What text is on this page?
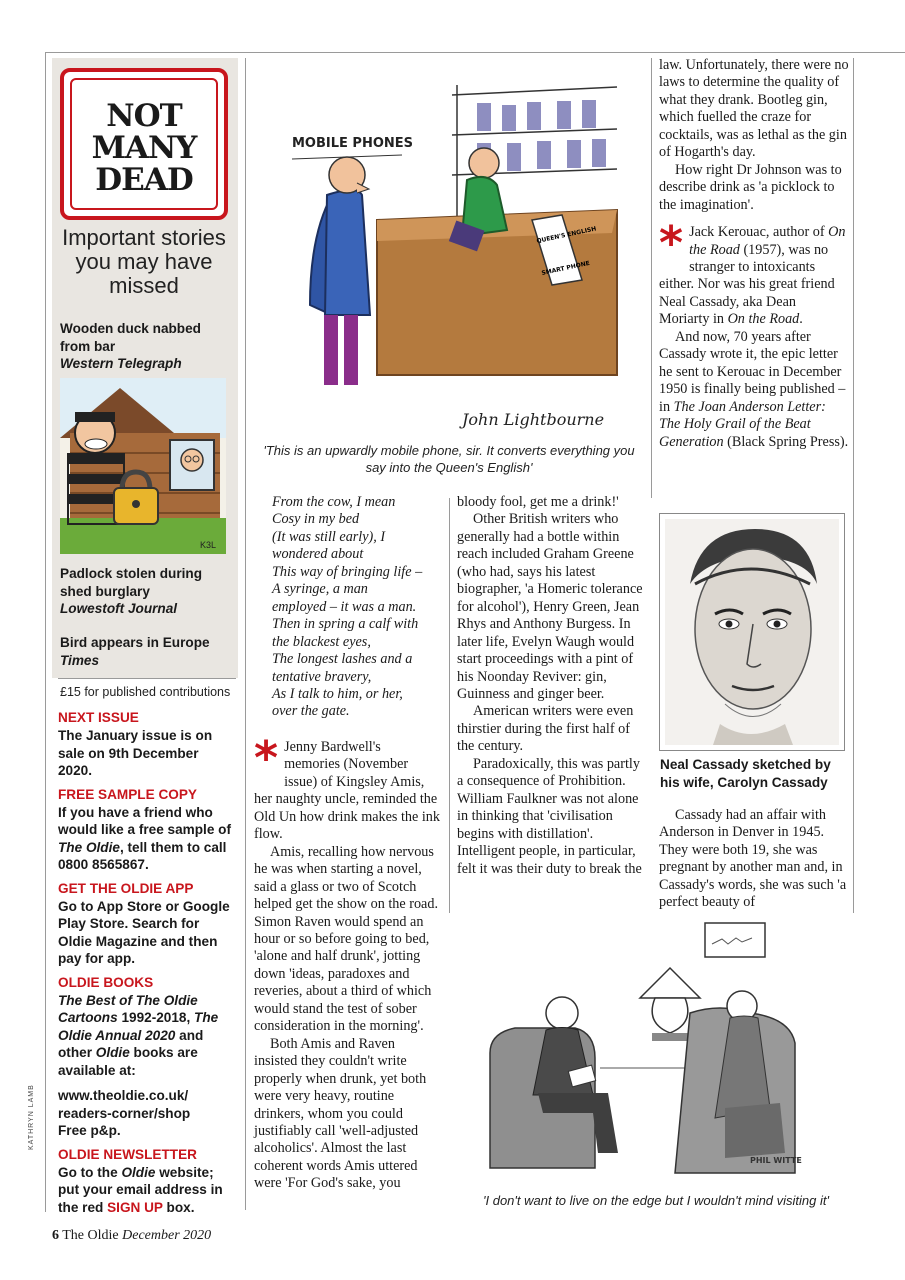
NOT MANY DEAD
Important stories you may have missed
Wooden duck nabbed from bar
Western Telegraph
K3L
Padlock stolen during shed burglary
Lowestoft Journal
Bird appears in Europe
Times
£15 for published contributions
NEXT ISSUE
The January issue is on sale on 9th December 2020.
FREE SAMPLE COPY
If you have a friend who would like a free sample of The Oldie, tell them to call 0800 8565867.
GET THE OLDIE APP
Go to App Store or Google Play Store. Search for Oldie Magazine and then pay for app.
OLDIE BOOKS
The Best of The Oldie Cartoons 1992-2018, The Oldie Annual 2020 and other Oldie books are available at:
www.theoldie.co.uk/ readers-corner/shop
Free p&p.
OLDIE NEWSLETTER
Go to the Oldie website; put your email address in the red SIGN UP box.
KATHRYN LAMB
MOBILE PHONES
QUEEN'S ENGLISH
SMART PHONE
John Lightbourne
'This is an upwardly mobile phone, sir. It converts everything you say into the Queen's English'

From the cow, I mean

Cosy in my bed

(It was still early), I

wondered about

This way of bringing life –

A syringe, a man

employed – it was a man.

Then in spring a calf with

the blackest eyes,

The longest lashes and a

tentative bravery,

As I talk to him, or her,

over the gate.

* Jenny Bardwell's memories (November issue) of Kingsley Amis, her naughty uncle, reminded the Old Un how drink makes the ink flow.

Amis, recalling how nervous he was when starting a novel, said a glass or two of Scotch helped get the show on the road. Simon Raven would spend an hour or so before going to bed, 'alone and half drunk', jotting down 'ideas, paradoxes and reveries, about a third of which would stand the test of sober consideration in the morning'.

Both Amis and Raven insisted they couldn't write properly when drunk, yet both were very heavy, routine drinkers, whom you could justifiably call 'well-adjusted alcoholics'. Almost the last coherent words Amis uttered were 'For God's sake, you

bloody fool, get me a drink!'

Other British writers who generally had a bottle within reach included Graham Greene (who had, says his latest biographer, 'a Homeric tolerance for alcohol'), Henry Green, Jean Rhys and Anthony Burgess. In later life, Evelyn Waugh would start proceedings with a pint of his Noonday Reviver: gin, Guinness and ginger beer.

American writers were even thirstier during the first half of the century.

Paradoxically, this was partly a consequence of Prohibition. William Faulkner was not alone in thinking that 'civilisation begins with distillation'. Intelligent people, in particular, felt it was their duty to break the

law. Unfortunately, there were no laws to determine the quality of what they drank. Bootleg gin, which fuelled the craze for cocktails, was as lethal as the gin of Hogarth's day.

How right Dr Johnson was to describe drink as 'a picklock to the imagination'.

* Jack Kerouac, author of On the Road (1957), was no stranger to intoxicants either. Nor was his great friend Neal Cassady, aka Dean Moriarty in On the Road.

And now, 70 years after Cassady wrote it, the epic letter he sent to Kerouac in December 1950 is finally being published – in The Joan Anderson Letter: The Holy Grail of the Beat Generation (Black Spring Press).

Neal Cassady sketched by his wife, Carolyn Cassady

Cassady had an affair with Anderson in Denver in 1945. They were both 19, she was pregnant by another man and, in Cassady's words, she was such 'a perfect beauty of

PHIL WITTE
'I don't want to live on the edge but I wouldn't mind visiting it'
6 The Oldie December 2020
